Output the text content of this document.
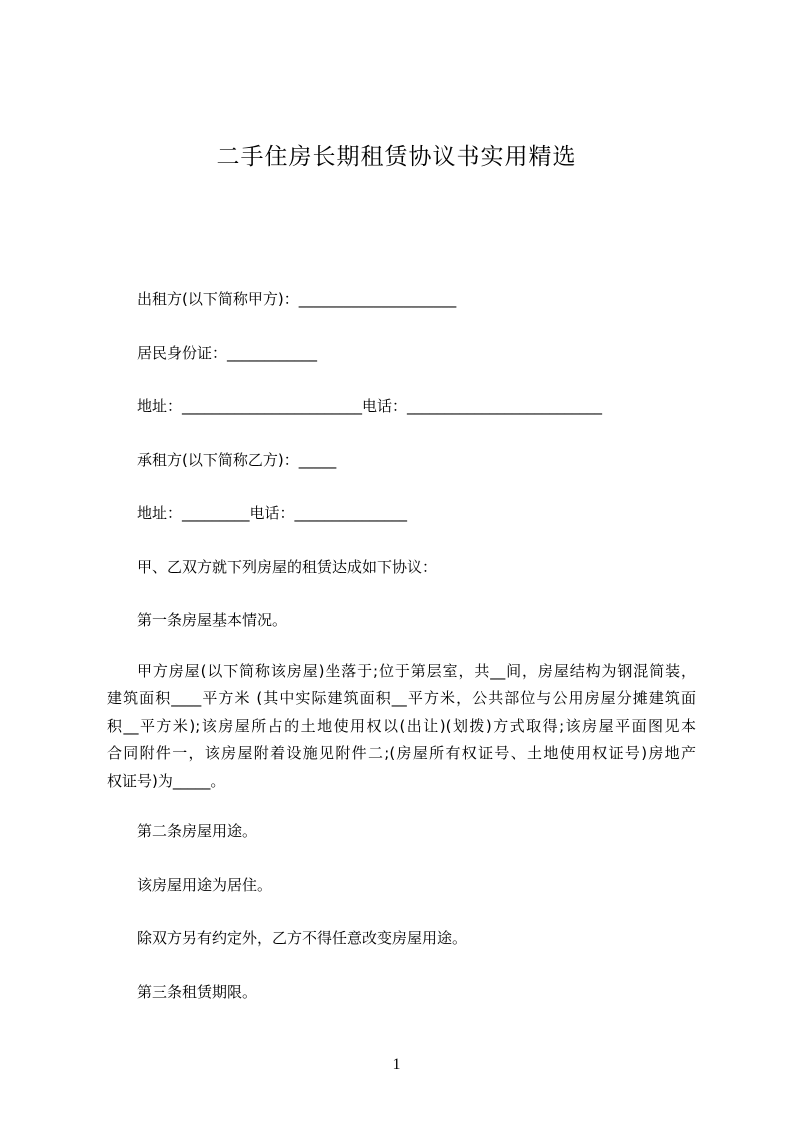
二手住房长期租赁协议书实用精选

出租方(以下简称甲方)：_____________________

居民身份证：____________

地址：________________________电话：__________________________

承租方(以下简称乙方)：_____

地址：_________电话：_______________

甲、乙双方就下列房屋的租赁达成如下协议：

第一条房屋基本情况。

甲方房屋(以下简称该房屋)坐落于;位于第层室，共__间，房屋结构为钢混简装，
建筑面积____平方米 (其中实际建筑面积__平方米，公共部位与公用房屋分摊建筑面
积__平方米);该房屋所占的土地使用权以(出让)(划拨)方式取得;该房屋平面图见本
合同附件一，该房屋附着设施见附件二;(房屋所有权证号、土地使用权证号)房地产
权证号)为_____。

第二条房屋用途。

该房屋用途为居住。

除双方另有约定外，乙方不得任意改变房屋用途。

第三条租赁期限。

1
